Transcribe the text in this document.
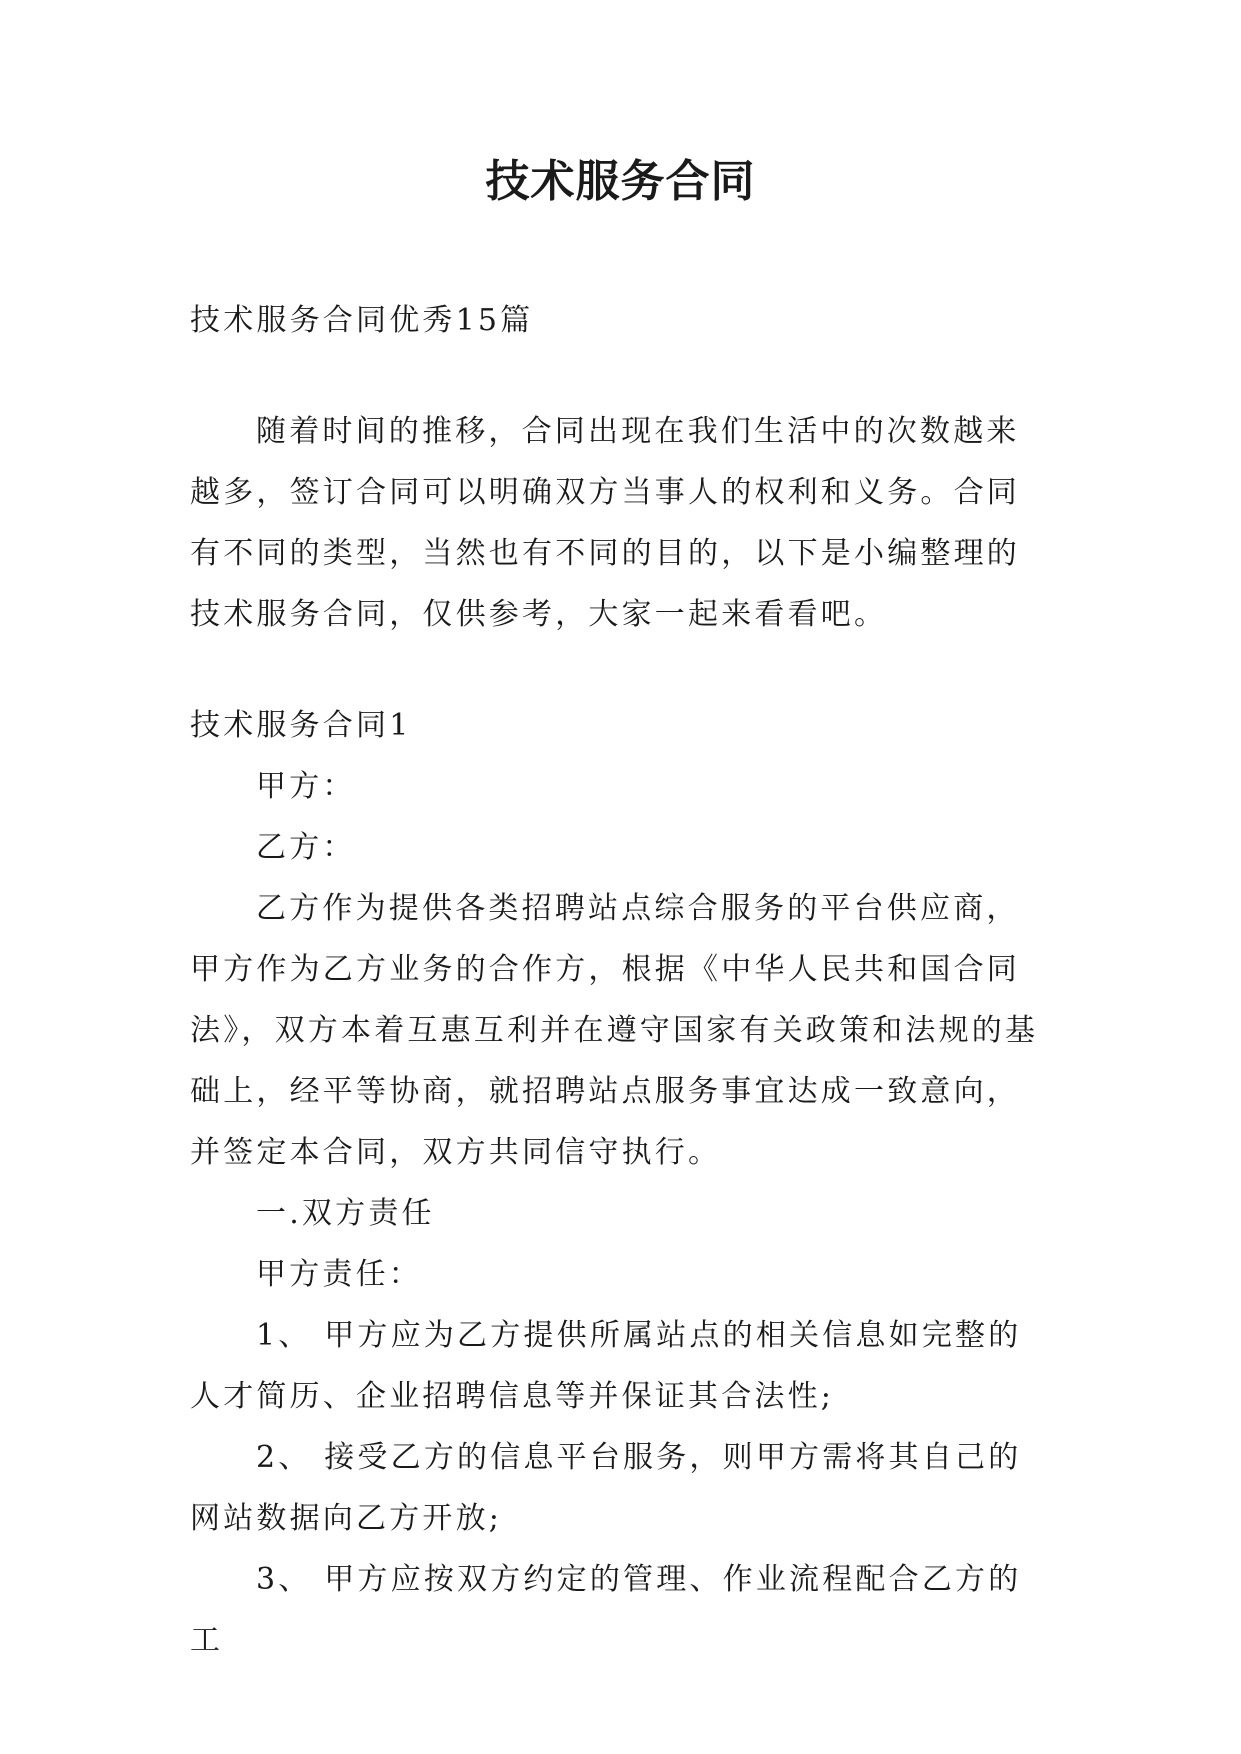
技术服务合同

技术服务合同优秀15篇

随着时间的推移，合同出现在我们生活中的次数越来越多，签订合同可以明确双方当事人的权利和义务。合同有不同的类型，当然也有不同的目的，以下是小编整理的技术服务合同，仅供参考，大家一起来看看吧。

技术服务合同1

甲方：

乙方：

乙方作为提供各类招聘站点综合服务的平台供应商，甲方作为乙方业务的合作方，根据《中华人民共和国合同法》，双方本着互惠互利并在遵守国家有关政策和法规的基础上，经平等协商，就招聘站点服务事宜达成一致意向，并签定本合同，双方共同信守执行。

一.双方责任

甲方责任：

1、 甲方应为乙方提供所属站点的相关信息如完整的人才简历、企业招聘信息等并保证其合法性;

2、 接受乙方的信息平台服务，则甲方需将其自己的网站数据向乙方开放;

3、 甲方应按双方约定的管理、作业流程配合乙方的工
